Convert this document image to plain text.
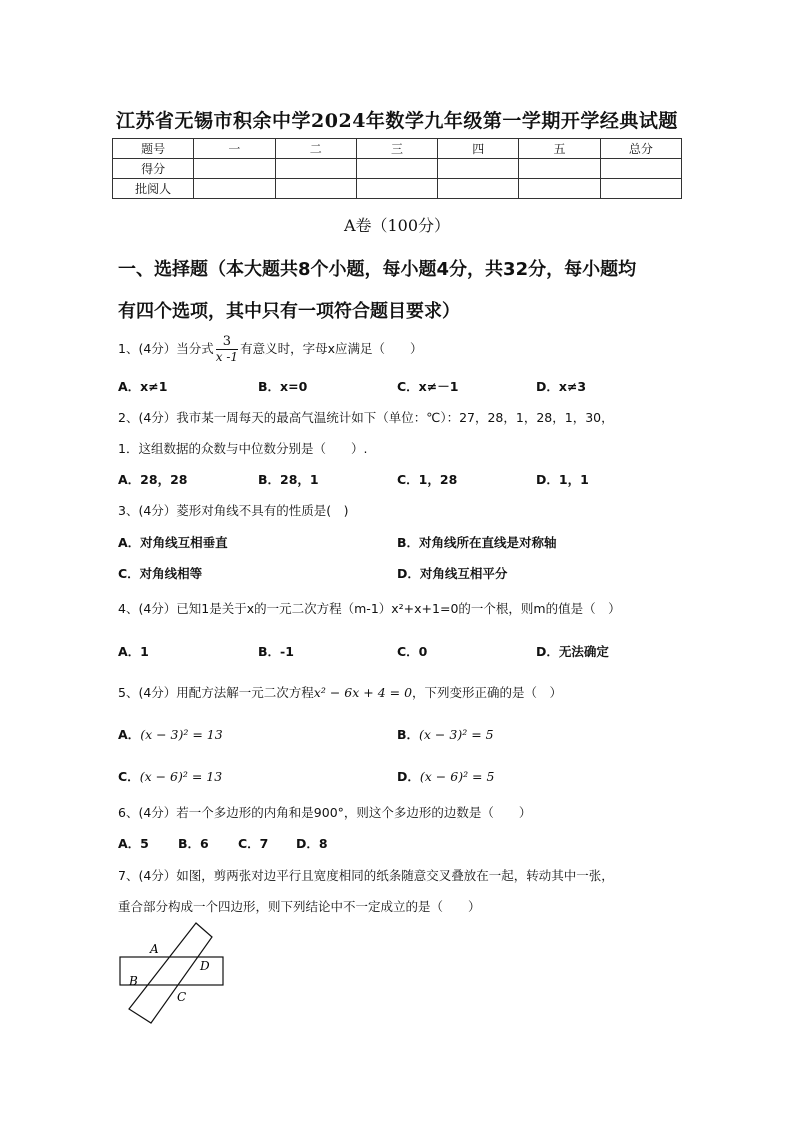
江苏省无锡市积余中学2024年数学九年级第一学期开学经典试题
题号	一	二	三	四	五	总分
得分						
批阅人						
A卷（100分）
一、选择题（本大题共8个小题，每小题4分，共32分，每小题均
有四个选项，其中只有一项符合题目要求）
1、(4分）当分式 $\frac{3}{x -1}$ 有意义时，字母x应满足（　　）
A．x≠1	B．x=0	C．x≠－1	D．x≠3
2、(4分）我市某一周每天的最高气温统计如下（单位：℃）：27，28，1，28，1，30，
1．这组数据的众数与中位数分别是（　　）.
A．28，28	B．28，1	C．1，28	D．1，1
3、(4分）菱形对角线不具有的性质是(　)
A．对角线互相垂直	B．对角线所在直线是对称轴
C．对角线相等	D．对角线互相平分
4、(4分）已知1是关于x的一元二次方程（m-1）x²+x+1=0的一个根，则m的值是（　）
A．1	B．-1	C．0	D．无法确定
5、(4分）用配方法解一元二次方程x² − 6x + 4 = 0，下列变形正确的是（　）
A．(x − 3)² = 13	B．(x − 3)² = 5
C．(x − 6)² = 13	D．(x − 6)² = 5
6、(4分）若一个多边形的内角和是900°，则这个多边形的边数是（　　）
A．5 B．6 C．7 D．8
7、(4分）如图，剪两张对边平行且宽度相同的纸条随意交叉叠放在一起，转动其中一张，
重合部分构成一个四边形，则下列结论中不一定成立的是（　　）
A
B
C
D
